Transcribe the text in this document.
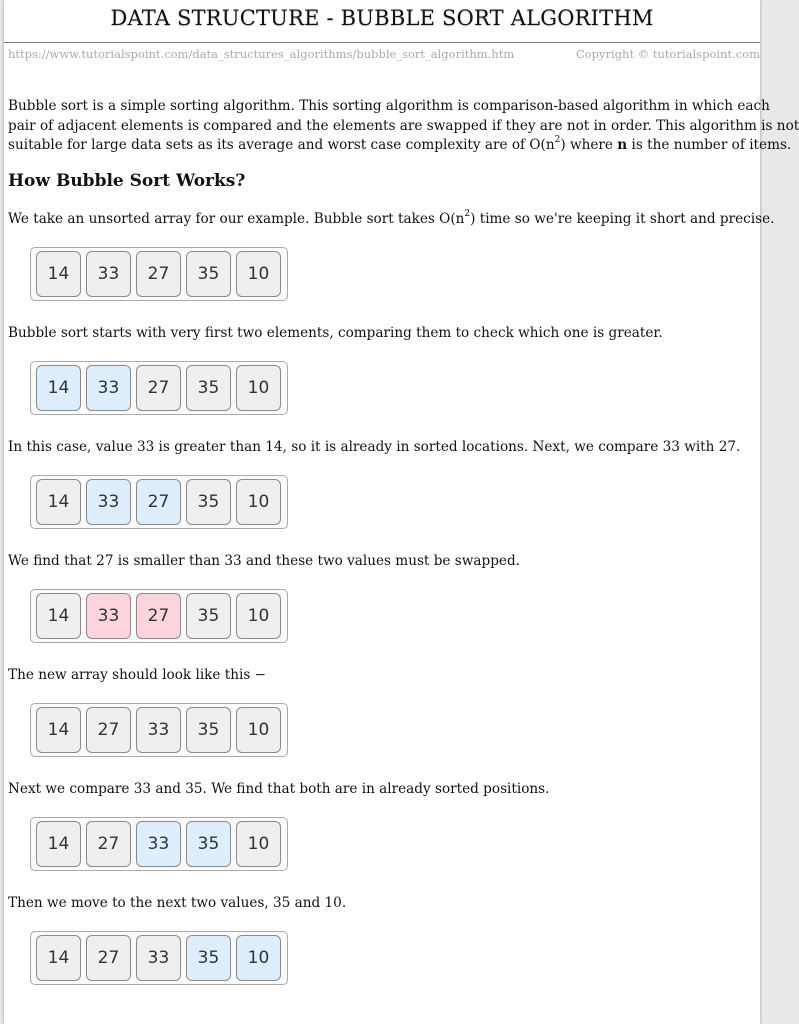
DATA STRUCTURE - BUBBLE SORT ALGORITHM
https://www.tutorialspoint.com/data_structures_algorithms/bubble_sort_algorithm.htm	Copyright © tutorialspoint.com
Bubble sort is a simple sorting algorithm. This sorting algorithm is comparison-based algorithm in which each
pair of adjacent elements is compared and the elements are swapped if they are not in order. This algorithm is not
suitable for large data sets as its average and worst case complexity are of $O(n^2)$ where n is the number of items.
How Bubble Sort Works?
We take an unsorted array for our example. Bubble sort takes $O(n^2)$ time so we're keeping it short and precise.
14	33	27	35	10
Bubble sort starts with very first two elements, comparing them to check which one is greater.
14	33	27	35	10
In this case, value 33 is greater than 14, so it is already in sorted locations. Next, we compare 33 with 27.
14	33	27	35	10
We find that 27 is smaller than 33 and these two values must be swapped.
14	33	27	35	10
The new array should look like this −
14	27	33	35	10
Next we compare 33 and 35. We find that both are in already sorted positions.
14	27	33	35	10
Then we move to the next two values, 35 and 10.
14	27	33	35	10
